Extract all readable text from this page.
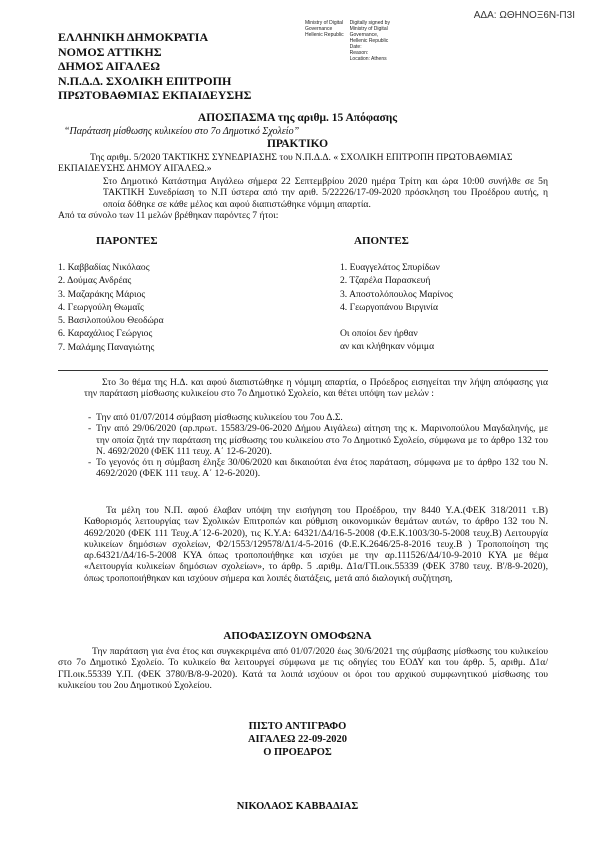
ΑΔΑ: ΩΘΗΝΟΞ6Ν-Π3Ι
ΕΛΛΗΝΙΚΗ ΔΗΜΟΚΡΑΤΙΑ
ΝΟΜΟΣ ΑΤΤΙΚΗΣ
ΔΗΜΟΣ ΑΙΓΑΛΕΩ
Ν.Π.Δ.Δ. ΣΧΟΛΙΚΗ ΕΠΙΤΡΟΠΗ
ΠΡΩΤΟΒΑΘΜΙΑΣ ΕΚΠΑΙΔΕΥΣΗΣ
Ministry of Digital
Governance
Hellenic Republic
Digitally signed by
Ministry of Digital
Governance,
Hellenic Republic
Date:
Reason:
Location: Athens
ΑΠΟΣΠΑΣΜΑ της αριθμ. 15 Απόφασης
“Παράταση μίσθωσης κυλικείου στο 7ο Δημοτικό Σχολείο”
ΠΡΑΚΤΙΚΟ
Της αριθμ. 5/2020 ΤΑΚΤΙΚΗΣ ΣΥΝΕΔΡΙΑΣΗΣ του Ν.Π.Δ.Δ. « ΣΧΟΛΙΚΗ ΕΠΙΤΡΟΠΗ ΠΡΩΤΟΒΑΘΜΙΑΣ ΕΚΠΑΙΔΕΥΣΗΣ ΔΗΜΟΥ ΑΙΓΑΛΕΩ.»
Στο Δημοτικό Κατάστημα Αιγάλεω σήμερα 22 Σεπτεμβρίου 2020 ημέρα Τρίτη και ώρα 10:00 συνήλθε σε 5η ΤΑΚΤΙΚΗ Συνεδρίαση το Ν.Π ύστερα από την αριθ. 5/22226/17-09-2020 πρόσκληση του Προέδρου αυτής, η οποία δόθηκε σε κάθε μέλος και αφού διαπιστώθηκε νόμιμη απαρτία.
Από τα σύνολο των 11 μελών βρέθηκαν παρόντες 7 ήτοι:
ΠΑΡΟΝΤΕΣ	ΑΠΟΝΤΕΣ
1. Καββαδίας Νικόλαος
2. Δούμας Ανδρέας
3. Μαζαράκης Μάριος
4. Γεωργούλη Θωμαΐς
5. Βασιλοπούλου Θεοδώρα
6. Καραχάλιος Γεώργιος
7. Μαλάμης Παναγιώτης
1. Ευαγγελάτος Σπυρίδων
2. Τζαρέλα Παρασκευή
3. Αποστολόπουλος Μαρίνος
4. Γεωργοπάνου Βιργινία
Οι οποίοι δεν ήρθαν
αν και κλήθηκαν νόμιμα
Στο 3ο θέμα της Η.Δ. και αφού διαπιστώθηκε η νόμιμη απαρτία, ο Πρόεδρος εισηγείται την λήψη απόφασης για την παράταση μίσθωσης κυλικείου στο 7ο Δημοτικό Σχολείο, και θέτει υπόψη των μελών :
- Την από 01/07/2014 σύμβαση μίσθωσης κυλικείου του 7ου Δ.Σ.
- Την από 29/06/2020 (αρ.πρωτ. 15583/29-06-2020 Δήμου Αιγάλεω) αίτηση της κ. Μαρινοπούλου Μαγδαληνής, με την οποία ζητά την παράταση της μίσθωσης του κυλικείου στο 7ο Δημοτικό Σχολείο, σύμφωνα με το άρθρο 132 του Ν. 4692/2020 (ΦΕΚ 111 τευχ. Α΄ 12-6-2020).
- Το γεγονός ότι η σύμβαση έληξε 30/06/2020 και δικαιούται ένα έτος παράταση, σύμφωνα με το άρθρο 132 του Ν. 4692/2020 (ΦΕΚ 111 τευχ. Α΄ 12-6-2020).
Τα μέλη του Ν.Π. αφού έλαβαν υπόψη την εισήγηση του Προέδρου, την 8440 Υ.Α.(ΦΕΚ 318/2011 τ.Β) Καθορισμός λειτουργίας των Σχολικών Επιτροπών και ρύθμιση οικονομικών θεμάτων αυτών, το άρθρο 132 του Ν. 4692/2020 (ΦΕΚ 111 Τευχ.Α΄12-6-2020), τις Κ.Υ.Α: 64321/Δ4/16-5-2008 (Φ.Ε.Κ.1003/30-5-2008 τευχ.Β) Λειτουργία κυλικείων δημόσιων σχολείων, Φ2/1553/129578/Δ1/4-5-2016 (Φ.Ε.Κ.2646/25-8-2016 τευχ.Β ) Τροποποίηση της αρ.64321/Δ4/16-5-2008 ΚΥΑ όπως τροποποιήθηκε και ισχύει με την αρ.111526/Δ4/10-9-2010 ΚΥΑ με θέμα «Λειτουργία κυλικείων δημόσιων σχολείων», το άρθρ. 5 .αριθμ. Δ1α/ΓΠ.οικ.55339 (ΦΕΚ 3780 τευχ. Β'/8-9-2020), όπως τροποποιήθηκαν και ισχύουν σήμερα και λοιπές διατάξεις, μετά από διαλογική συζήτηση,
ΑΠΟΦΑΣΙΖΟΥΝ ΟΜΟΦΩΝΑ
Την παράταση για ένα έτος και συγκεκριμένα από 01/07/2020 έως 30/6/2021 της σύμβασης μίσθωσης του κυλικείου στο 7ο Δημοτικό Σχολείο. Το κυλικείο θα λειτουργεί σύμφωνα με τις οδηγίες του ΕΟΔΥ και του άρθρ. 5, αριθμ. Δ1α/ΓΠ.οικ.55339 Υ.Π. (ΦΕΚ 3780/Β/8-9-2020). Κατά τα λοιπά ισχύουν οι όροι του αρχικού συμφωνητικού μίσθωσης του κυλικείου του 2ου Δημοτικού Σχολείου.
ΠΙΣΤΟ ΑΝΤΙΓΡΑΦΟ
ΑΙΓΑΛΕΩ 22-09-2020
Ο ΠΡΟΕΔΡΟΣ
ΝΙΚΟΛΑΟΣ ΚΑΒΒΑΔΙΑΣ
